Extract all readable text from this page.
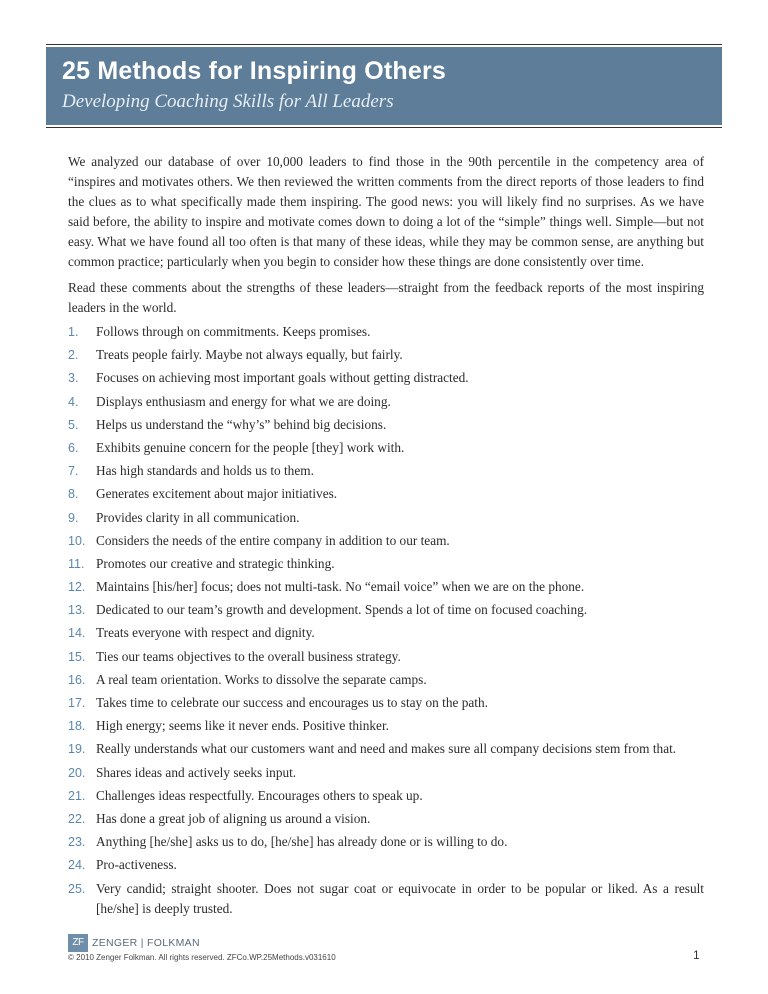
25 Methods for Inspiring Others
Developing Coaching Skills for All Leaders

We analyzed our database of over 10,000 leaders to find those in the 90th percentile in the competency area of “inspires and motivates others. We then reviewed the written comments from the direct reports of those leaders to find the clues as to what specifically made them inspiring. The good news: you will likely find no surprises. As we have said before, the ability to inspire and motivate comes down to doing a lot of the “simple” things well. Simple—but not easy. What we have found all too often is that many of these ideas, while they may be common sense, are anything but common practice; particularly when you begin to consider how these things are done consistently over time.

Read these comments about the strengths of these leaders—straight from the feedback reports of the most inspiring leaders in the world.

1.	Follows through on commitments. Keeps promises.
2.	Treats people fairly. Maybe not always equally, but fairly.
3.	Focuses on achieving most important goals without getting distracted.
4.	Displays enthusiasm and energy for what we are doing.
5.	Helps us understand the “why’s” behind big decisions.
6.	Exhibits genuine concern for the people [they] work with.
7.	Has high standards and holds us to them.
8.	Generates excitement about major initiatives.
9.	Provides clarity in all communication.
10. Considers the needs of the entire company in addition to our team.
11. Promotes our creative and strategic thinking.
12. Maintains [his/her] focus; does not multi-task. No “email voice” when we are on the phone.
13. Dedicated to our team’s growth and development. Spends a lot of time on focused coaching.
14. Treats everyone with respect and dignity.
15. Ties our teams objectives to the overall business strategy.
16. A real team orientation. Works to dissolve the separate camps.
17. Takes time to celebrate our success and encourages us to stay on the path.
18. High energy; seems like it never ends. Positive thinker.
19. Really understands what our customers want and need and makes sure all company decisions stem from that.
20. Shares ideas and actively seeks input.
21. Challenges ideas respectfully. Encourages others to speak up.
22. Has done a great job of aligning us around a vision.
23. Anything [he/she] asks us to do, [he/she] has already done or is willing to do.
24. Pro-activeness.
25. Very candid; straight shooter. Does not sugar coat or equivocate in order to be popular or liked. As a result [he/she] is deeply trusted.
ZF ZENGER | FOLKMAN
© 2010 Zenger Folkman. All rights reserved. ZFCo.WP.25Methods.v031610	1
